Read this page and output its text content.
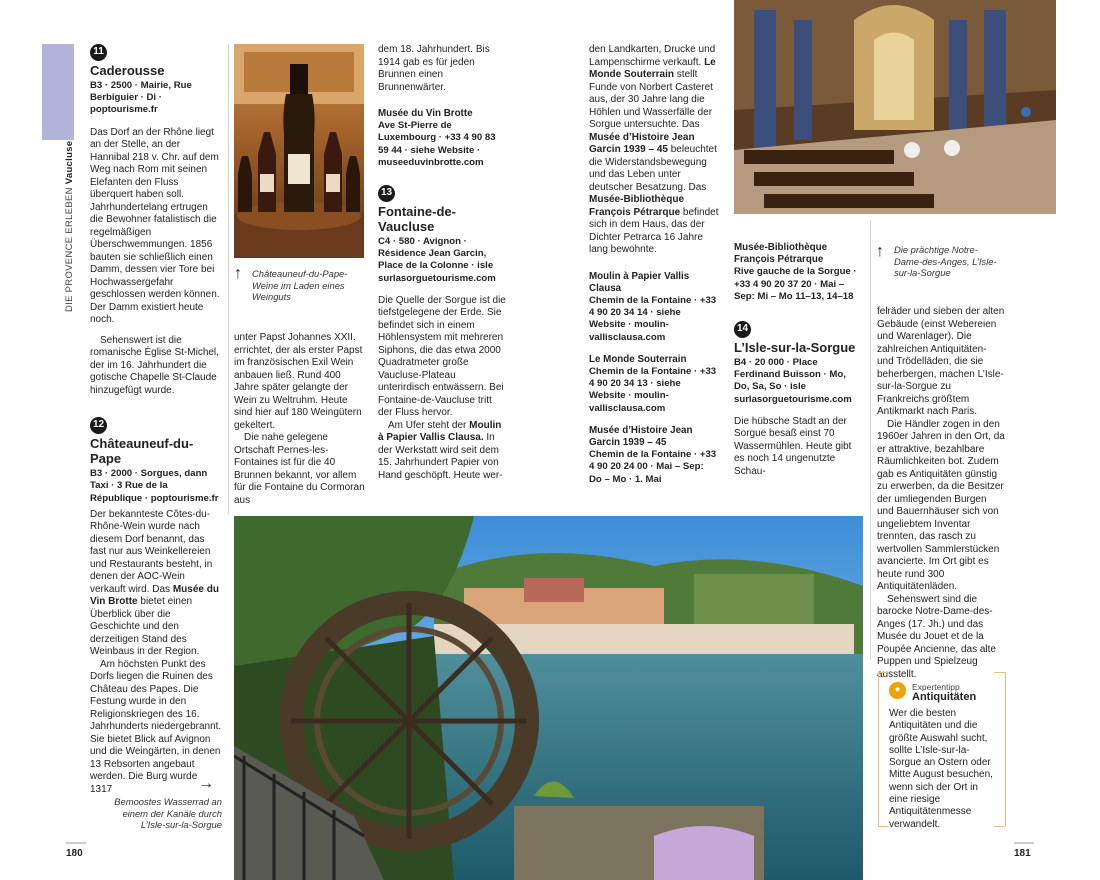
DIE PROVENCE ERLEBEN Vaucluse
11
Caderousse
B3 · 2500 · Mairie, Rue Berbiguier · Di · poptourisme.fr

Das Dorf an der Rhône liegt an der Stelle, an der Hannibal 218 v. Chr. auf dem Weg nach Rom mit seinen Elefanten den Fluss überquert haben soll. Jahrhundertelang ertrugen die Bewohner fatalistisch die regelmäßigen Überschwemmungen. 1856 bauten sie schließlich einen Damm, dessen vier Tore bei Hochwassergefahr geschlossen werden können. Der Damm existiert heute noch.

Sehenswert ist die romanische Église St-Michel, der im 16. Jahrhundert die gotische Chapelle St-Claude hinzugefügt wurde.

12
Châteauneuf-du-Pape
B3 · 2000 · Sorgues, dann Taxi · 3 Rue de la République · poptourisme.fr

Der bekannteste Côtes-du-Rhône-Wein wurde nach diesem Dorf benannt, das fast nur aus Weinkellereien und Restaurants besteht, in denen der AOC-Wein verkauft wird. Das Musée du Vin Brotte bietet einen Überblick über die Geschichte und den derzeitigen Stand des Weinbaus in der Region.

Am höchsten Punkt des Dorfs liegen die Ruinen des Château des Papes. Die Festung wurde in den Religionskriegen des 16. Jahrhunderts niedergebrannt. Sie bietet Blick auf Avignon und die Weingärten, in denen 13 Rebsorten angebaut werden. Die Burg wurde 1317	→
Bemoostes Wasserrad an einem der Kanäle durch L’Isle-sur-la-Sorgue
180
↑ Châteauneuf-du-Pape-Weine im Laden eines Weinguts

unter Papst Johannes XXII. errichtet, der als erster Papst im französischen Exil Wein anbauen ließ. Rund 400 Jahre später gelangte der Wein zu Weltruhm. Heute sind hier auf 180 Weingütern gekeltert.

Die nahe gelegene Ortschaft Pernes-les-Fontaines ist für die 40 Brunnen bekannt, vor allem für die Fontaine du Cormoran aus

dem 18. Jahrhundert. Bis 1914 gab es für jeden Brunnen einen Brunnenwärter.

Musée du Vin Brotte
Ave St-Pierre de Luxembourg · +33 4 90 83 59 44 · siehe Website · museeduvinbrotte.com
13
Fontaine-de-Vaucluse
C4 · 580 · Avignon · Résidence Jean Garcin, Place de la Colonne · isle surlasorguetourisme.com

Die Quelle der Sorgue ist die tiefstgelegene der Erde. Sie befindet sich in einem Höhlensystem mit mehreren Siphons, die das etwa 2000 Quadratmeter große Vaucluse-Plateau unterirdisch entwässern. Bei Fontaine-de-Vaucluse tritt der Fluss hervor.

Am Ufer steht der Moulin à Papier Vallis Clausa. In der Werkstatt wird seit dem 15. Jahrhundert Papier von Hand geschöpft. Heute wer-

den Landkarten, Drucke und Lampenschirme verkauft. Le Monde Souterrain stellt Funde von Norbert Casteret aus, der 30 Jahre lang die Höhlen und Wasserfälle der Sorgue untersuchte. Das Musée d’Histoire Jean Garcin 1939 – 45 beleuchtet die Widerstandsbewegung und das Leben unter deutscher Besatzung. Das Musée-Bibliothèque François Pétrarque befindet sich in dem Haus, das der Dichter Petrarca 16 Jahre lang bewohnte.

Moulin à Papier Vallis Clausa
Chemin de la Fontaine · +33 4 90 20 34 14 · siehe Website · moulin-vallisclausa.com
Le Monde Souterrain
Chemin de la Fontaine · +33 4 90 20 34 13 · siehe Website · moulin-vallisclausa.com
Musée d’Histoire Jean Garcin 1939 – 45
Chemin de la Fontaine · +33 4 90 20 24 00 · Mai – Sep: Do – Mo · 1. Mai
Musée-Bibliothèque François Pétrarque
Rive gauche de la Sorgue · +33 4 90 20 37 20 · Mai – Sep: Mi – Mo 11–13, 14–18
14
L’Isle-sur-la-Sorgue
B4 · 20 000 · Place Ferdinand Buisson · Mo, Do, Sa, So · isle surlasorguetourisme.com

Die hübsche Stadt an der Sorgue besaß einst 70 Wassermühlen. Heute gibt es noch 14 ungenutzte Schau-

↑ Die prächtige Notre-Dame-des-Anges, L’Isle-sur-la-Sorgue

felräder und sieben der alten Gebäude (einst Webereien und Warenlager). Die zahlreichen Antiquitäten- und Trödelläden, die sie beherbergen, machen L’Isle-sur-la-Sorgue zu Frankreichs größtem Antikmarkt nach Paris.

Die Händler zogen in den 1960er Jahren in den Ort, da er attraktive, bezahlbare Räumlichkeiten bot. Zudem gab es Antiquitäten günstig zu erwerben, da die Besitzer der umliegenden Burgen und Bauernhäuser sich von ungeliebtem Inventar trennten, das rasch zu wertvollen Sammlerstücken avancierte. Im Ort gibt es heute rund 300 Antiquitätenläden.

Sehenswert sind die barocke Notre-Dame-des-Anges (17. Jh.) und das Musée du Jouet et de la Poupée Ancienne, das alte Puppen und Spielzeug ausstellt.

●	Expertentipp
Antiquitäten
Wer die besten Antiquitäten und die größte Auswahl sucht, sollte L’Isle-sur-la-Sorgue an Ostern oder Mitte August besuchen, wenn sich der Ort in eine riesige Antiquitätenmesse verwandelt.
181
